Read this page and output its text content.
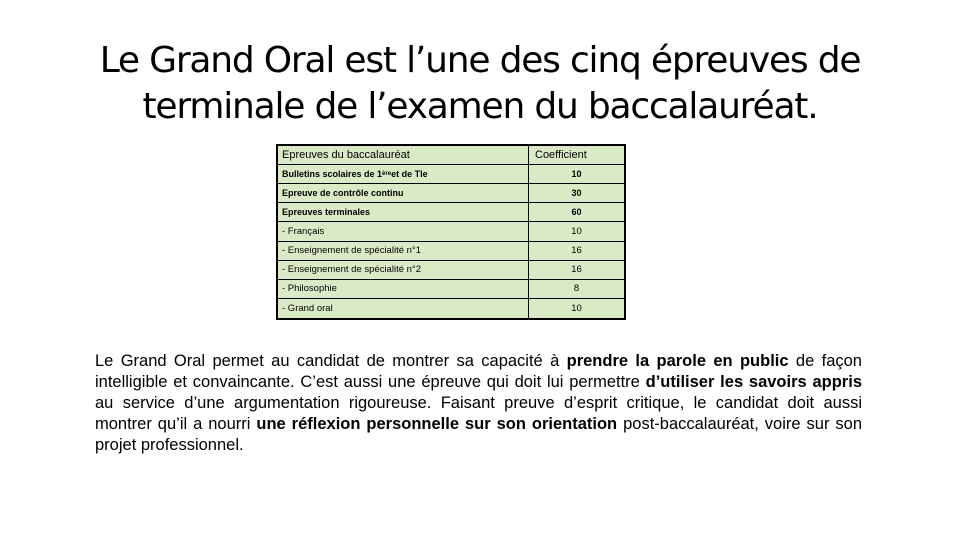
Le Grand Oral est l’une des cinq épreuves de
terminale de l’examen du baccalauréat.
Epreuves du baccalauréat	Coefficient
Bulletins scolaires de 1 ère et de Tle	10
Epreuve de contrôle continu	30
Epreuves terminales	60
- Français	10
- Enseignement de spécialité n°1	16
- Enseignement de spécialité n°2	16
- Philosophie	8
- Grand oral	10

Le Grand Oral permet au candidat de montrer sa capacité à prendre la parole en public de façon intelligible et convaincante. C’est aussi une épreuve qui doit lui permettre d’utiliser les savoirs appris au service d’une argumentation rigoureuse. Faisant preuve d’esprit critique, le candidat doit aussi montrer qu’il a nourri une réflexion personnelle sur son orientation post-baccalauréat, voire sur son projet professionnel.
